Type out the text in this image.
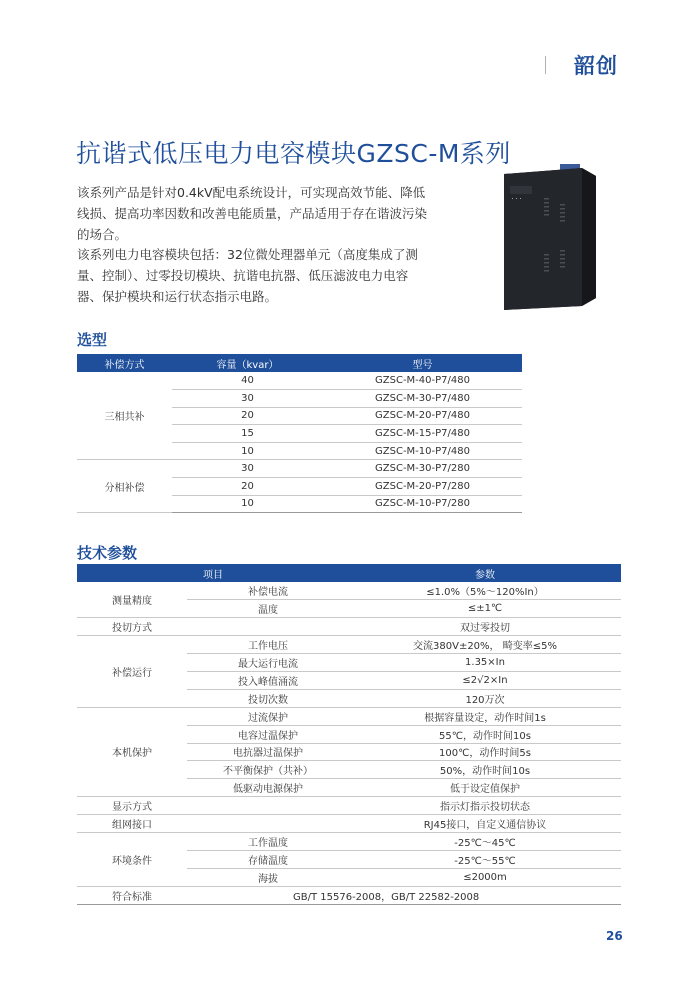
韶创
抗谐式低压电力电容模块GZSC-M系列

该系列产品是针对0.4kV配电系统设计，可实现高效节能、降低线损、提高功率因数和改善电能质量，产品适用于存在谐波污染的场合。

该系列电力电容模块包括：32位微处理器单元（高度集成了测量、控制）、过零投切模块、抗谐电抗器、低压滤波电力电容器、保护模块和运行状态指示电路。

选型
补偿方式	容量（kvar）	型号
三相共补	40	GZSC-M-40-P7/480
	30	GZSC-M-30-P7/480
	20	GZSC-M-20-P7/480
	15	GZSC-M-15-P7/480
	10	GZSC-M-10-P7/480
分相补偿	30	GZSC-M-30-P7/280
	20	GZSC-M-20-P7/280
	10	GZSC-M-10-P7/280
技术参数
项目		参数
测量精度	补偿电流	≤1.0%（5%～120%In）
	温度	≤±1℃
投切方式		双过零投切
补偿运行	工作电压	交流380V±20%， 畸变率≤5%
	最大运行电流	1.35×In
	投入峰值涌流	≤2√2×In
	投切次数	120万次
本机保护	过流保护	根据容量设定，动作时间1s
	电容过温保护	55℃，动作时间10s
	电抗器过温保护	100℃，动作时间5s
	不平衡保护（共补）	50%，动作时间10s
	低驱动电源保护	低于设定值保护
显示方式		指示灯指示投切状态
组网接口		RJ45接口，自定义通信协议
环境条件	工作温度	-25℃～45℃
	存储温度	-25℃～55℃
	海拔	≤2000m
符合标准	GB/T 15576-2008，GB/T 22582-2008	
26
